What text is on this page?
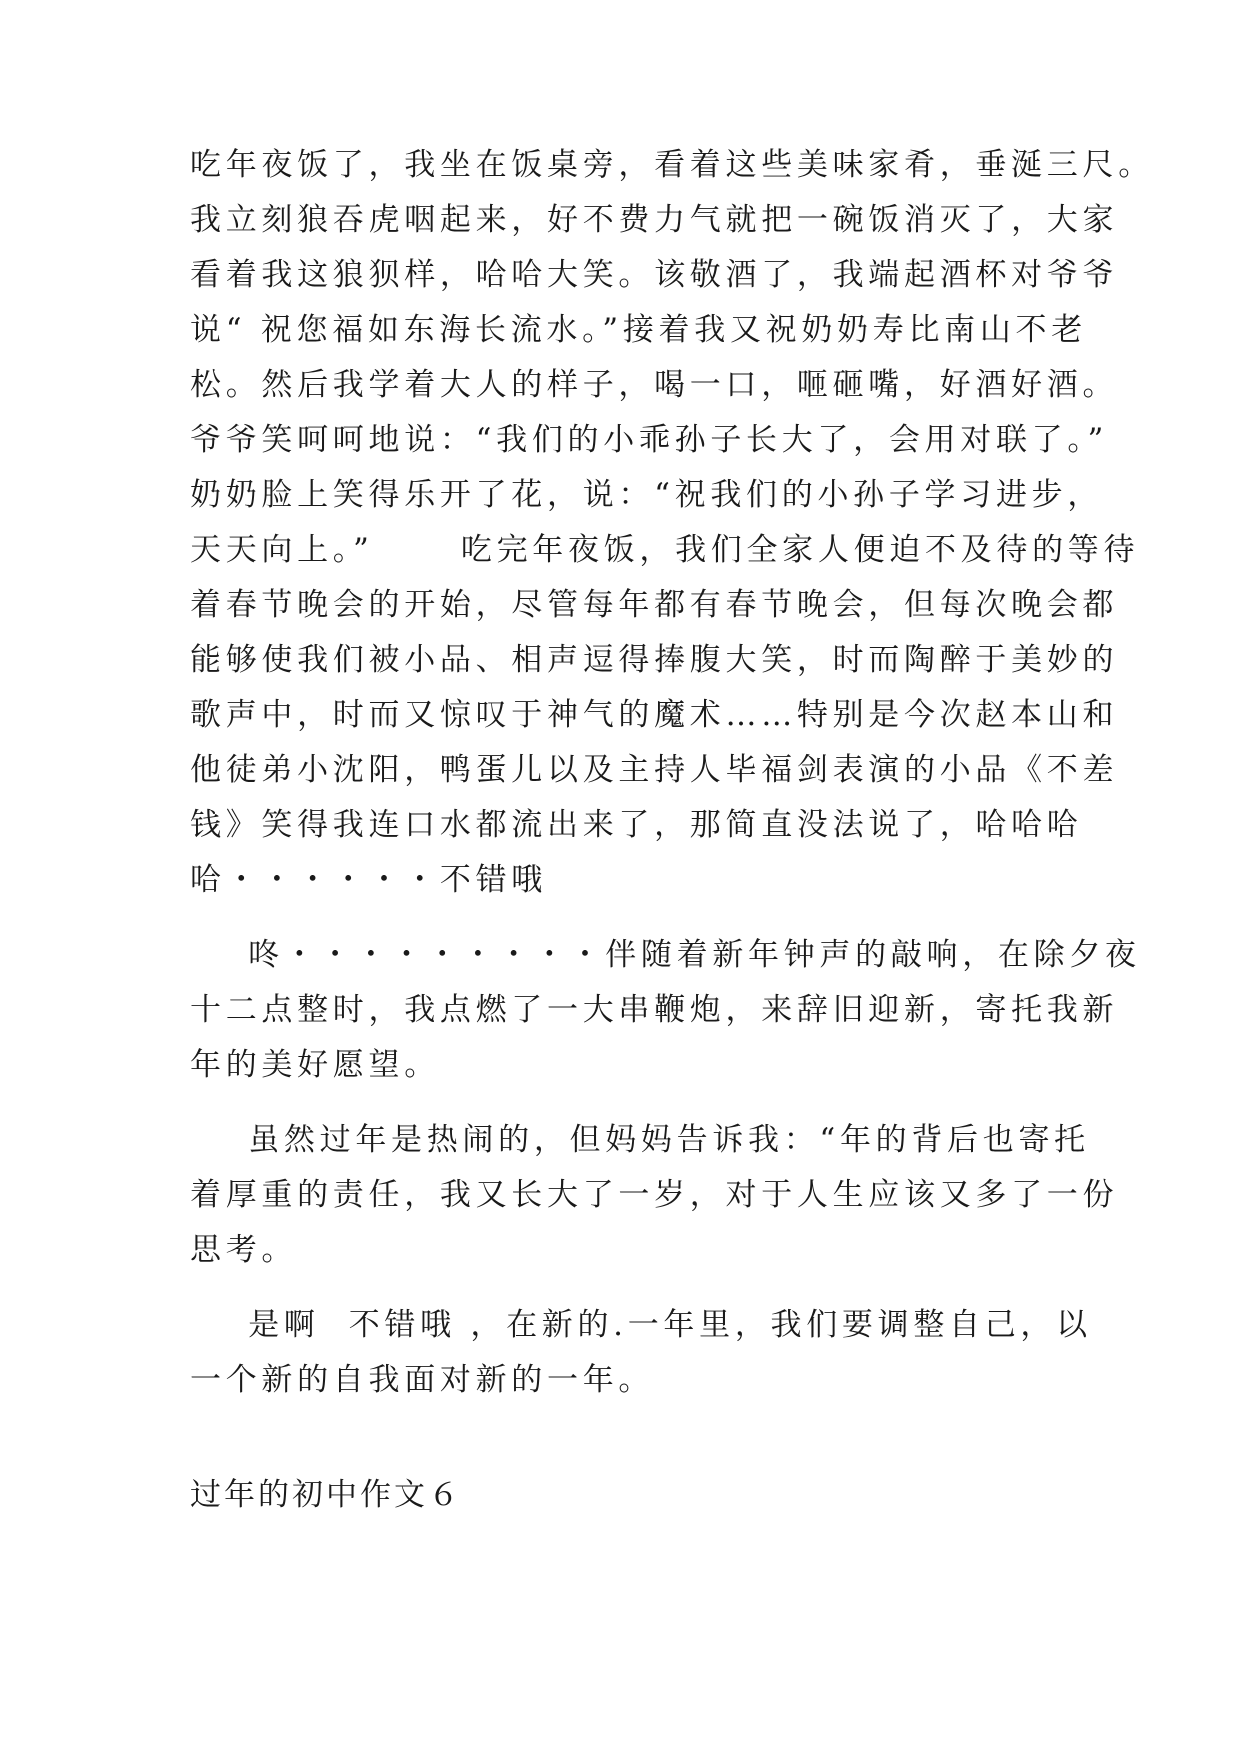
吃年夜饭了，我坐在饭桌旁，看着这些美味家肴，垂涎三尺。
我立刻狼吞虎咽起来，好不费力气就把一碗饭消灭了，大家
看着我这狼狈样，哈哈大笑。该敬酒了，我端起酒杯对爷爷
说“ 祝您福如东海长流水。”接着我又祝奶奶寿比南山不老
松。然后我学着大人的样子，喝一口，咂砸嘴，好酒好酒。
爷爷笑呵呵地说：“我们的小乖孙子长大了，会用对联了。”
奶奶脸上笑得乐开了花，说：“祝我们的小孙子学习进步，
天天向上。”      吃完年夜饭，我们全家人便迫不及待的等待
着春节晚会的开始，尽管每年都有春节晚会，但每次晚会都
能够使我们被小品、相声逗得捧腹大笑，时而陶醉于美妙的
歌声中，时而又惊叹于神气的魔术……特别是今次赵本山和
他徒弟小沈阳，鸭蛋儿以及主持人毕福剑表演的小品《不差
钱》笑得我连口水都流出来了，那简直没法说了，哈哈哈
哈・・・・・・不错哦
咚・・・・・・・・・伴随着新年钟声的敲响，在除夕夜
十二点整时，我点燃了一大串鞭炮，来辞旧迎新，寄托我新
年的美好愿望。
虽然过年是热闹的，但妈妈告诉我：“年的背后也寄托
着厚重的责任，我又长大了一岁，对于人生应该又多了一份
思考。
是啊  不错哦 ，在新的.一年里，我们要调整自己，以
一个新的自我面对新的一年。
过年的初中作文６
